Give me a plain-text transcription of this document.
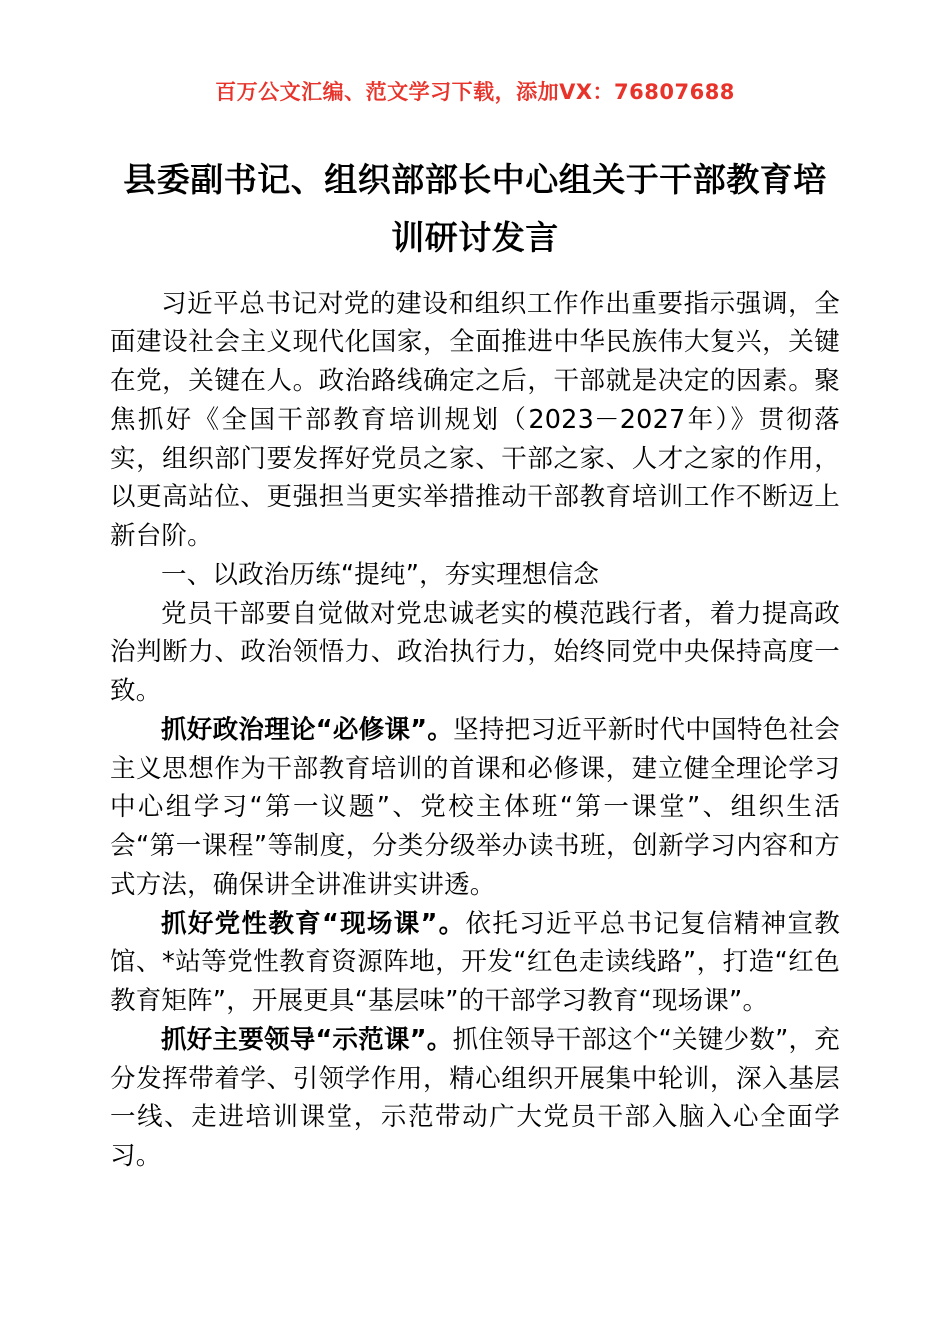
百万公文汇编、范文学习下载，添加VX：76807688
县委副书记、组织部部长中心组关于干部教育培训研讨发言

习近平总书记对党的建设和组织工作作出重要指示强调，全面建设社会主义现代化国家，全面推进中华民族伟大复兴，关键在党，关键在人。政治路线确定之后，干部就是决定的因素。聚焦抓好《全国干部教育培训规划（2023－2027年）》贯彻落实，组织部门要发挥好党员之家、干部之家、人才之家的作用，以更高站位、更强担当更实举措推动干部教育培训工作不断迈上新台阶。

一、以政治历练“提纯”，夯实理想信念

党员干部要自觉做对党忠诚老实的模范践行者，着力提高政治判断力、政治领悟力、政治执行力，始终同党中央保持高度一致。

抓好政治理论“必修课”。坚持把习近平新时代中国特色社会主义思想作为干部教育培训的首课和必修课，建立健全理论学习中心组学习“第一议题”、党校主体班“第一课堂”、组织生活会“第一课程”等制度，分类分级举办读书班，创新学习内容和方式方法，确保讲全讲准讲实讲透。

抓好党性教育“现场课”。依托习近平总书记复信精神宣教馆、*站等党性教育资源阵地，开发“红色走读线路”，打造“红色教育矩阵”，开展更具“基层味”的干部学习教育“现场课”。

抓好主要领导“示范课”。抓住领导干部这个“关键少数”，充分发挥带着学、引领学作用，精心组织开展集中轮训，深入基层一线、走进培训课堂，示范带动广大党员干部入脑入心全面学习。
